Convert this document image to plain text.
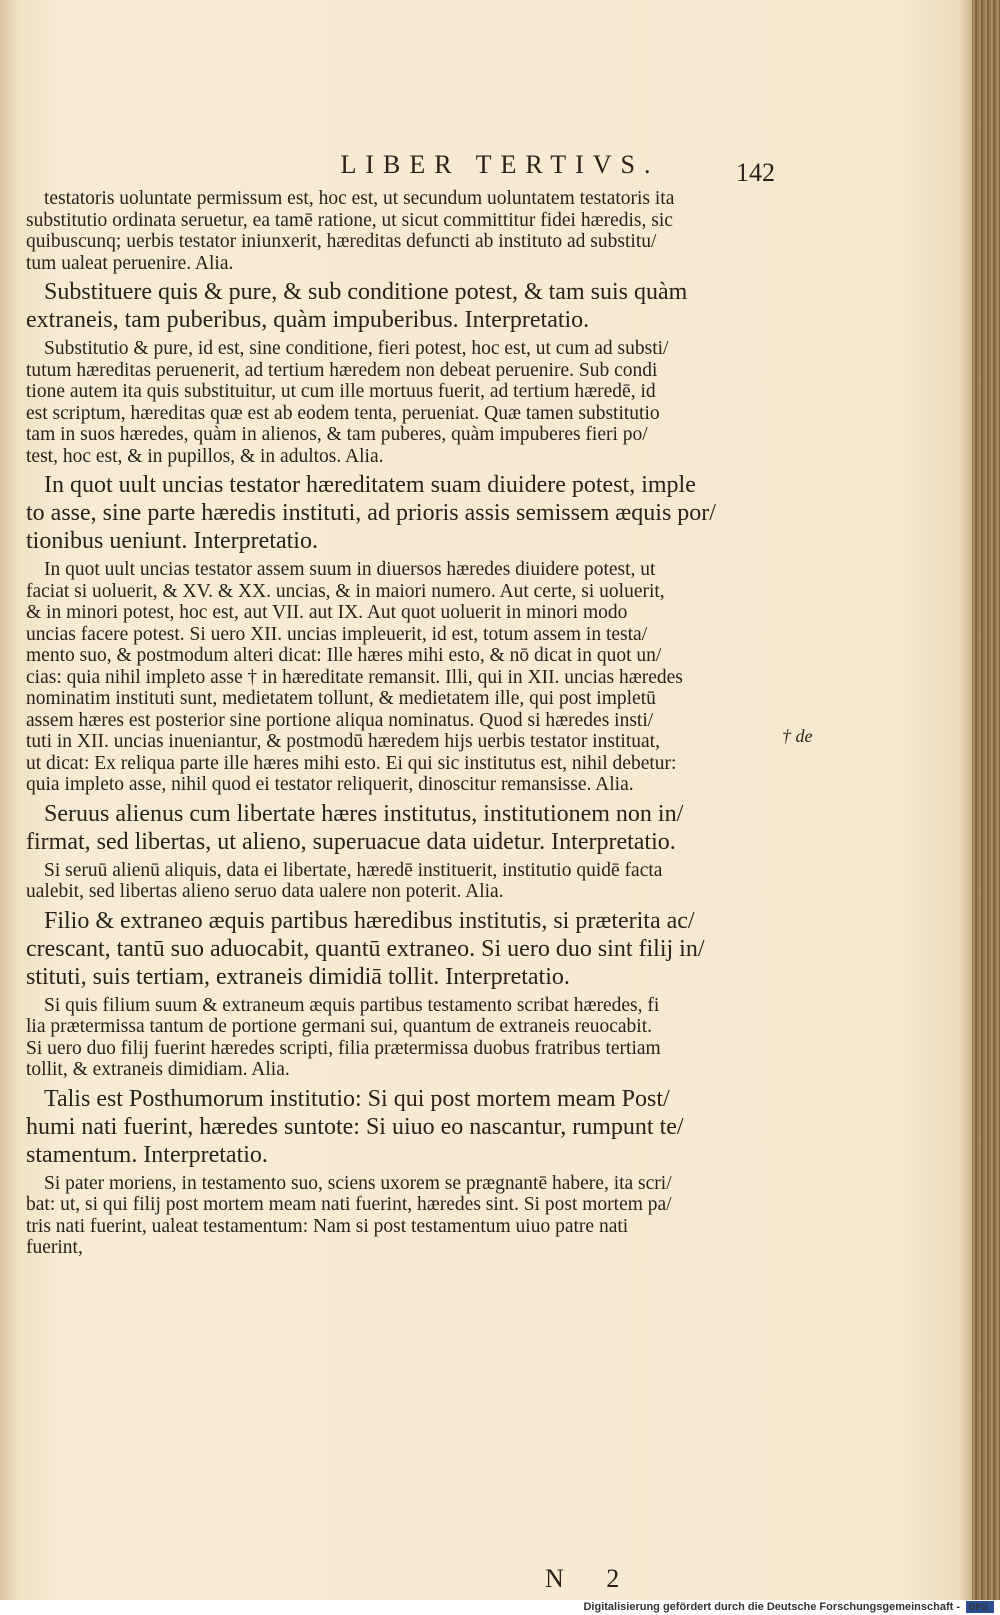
LIBER TERTIVS.	142
testatoris uoluntate permissum est, hoc est, ut secundum uoluntatem testatoris ita
substitutio ordinata seruetur, ea tamē ratione, ut sicut committitur fidei hæredis, sic
quibuscunq; uerbis testator iniunxerit, hæreditas defuncti ab instituto ad substitu/
tum ualeat peruenire. Alia.
Substituere quis & pure, & sub conditione potest, & tam suis quàm
extraneis, tam puberibus, quàm impuberibus. Interpretatio.
Substitutio & pure, id est, sine conditione, fieri potest, hoc est, ut cum ad substi/
tutum hæreditas peruenerit, ad tertium hæredem non debeat peruenire. Sub condi
tione autem ita quis substituitur, ut cum ille mortuus fuerit, ad tertium hæredē, id
est scriptum, hæreditas quæ est ab eodem tenta, perueniat. Quæ tamen substitutio
tam in suos hæredes, quàm in alienos, & tam puberes, quàm impuberes fieri po/
test, hoc est, & in pupillos, & in adultos. Alia.
In quot uult uncias testator hæreditatem suam diuidere potest, imple
to asse, sine parte hæredis instituti, ad prioris assis semissem æquis por/
tionibus ueniunt. Interpretatio.
In quot uult uncias testator assem suum in diuersos hæredes diuidere potest, ut
faciat si uoluerit, & XV. & XX. uncias, & in maiori numero. Aut certe, si uoluerit,
& in minori potest, hoc est, aut VII. aut IX. Aut quot uoluerit in minori modo
uncias facere potest. Si uero XII. uncias impleuerit, id est, totum assem in testa/
mento suo, & postmodum alteri dicat: Ille hæres mihi esto, & nō dicat in quot un/
cias: quia nihil impleto asse † in hæreditate remansit. Illi, qui in XII. uncias hæredes
nominatim instituti sunt, medietatem tollunt, & medietatem ille, qui post impletū
assem hæres est posterior sine portione aliqua nominatus. Quod si hæredes insti/
tuti in XII. uncias inueniantur, & postmodū hæredem hijs uerbis testator instituat,
ut dicat: Ex reliqua parte ille hæres mihi esto. Ei qui sic institutus est, nihil debetur:
quia impleto asse, nihil quod ei testator reliquerit, dinoscitur remansisse. Alia.
Seruus alienus cum libertate hæres institutus, institutionem non in/
firmat, sed libertas, ut alieno, superuacue data uidetur. Interpretatio.
Si seruū alienū aliquis, data ei libertate, hæredē instituerit, institutio quidē facta
ualebit, sed libertas alieno seruo data ualere non poterit. Alia.
Filio & extraneo æquis partibus hæredibus institutis, si præterita ac/
crescant, tantū suo aduocabit, quantū extraneo. Si uero duo sint filij in/
stituti, suis tertiam, extraneis dimidiā tollit. Interpretatio.
Si quis filium suum & extraneum æquis partibus testamento scribat hæredes, fi
lia prætermissa tantum de portione germani sui, quantum de extraneis reuocabit.
Si uero duo filij fuerint hæredes scripti, filia prætermissa duobus fratribus tertiam
tollit, & extraneis dimidiam. Alia.
Talis est Posthumorum institutio: Si qui post mortem meam Post/
humi nati fuerint, hæredes suntote: Si uiuo eo nascantur, rumpunt te/
stamentum. Interpretatio.
Si pater moriens, in testamento suo, sciens uxorem se prægnantē habere, ita scri/
bat: ut, si qui filij post mortem meam nati fuerint, hæredes sint. Si post mortem pa/
tris nati fuerint, ualeat testamentum: Nam si post testamentum uiuo patre nati
fuerint,
† de
N 2
Digitalisierung gefördert durch die Deutsche Forschungsgemeinschaft - DFG
